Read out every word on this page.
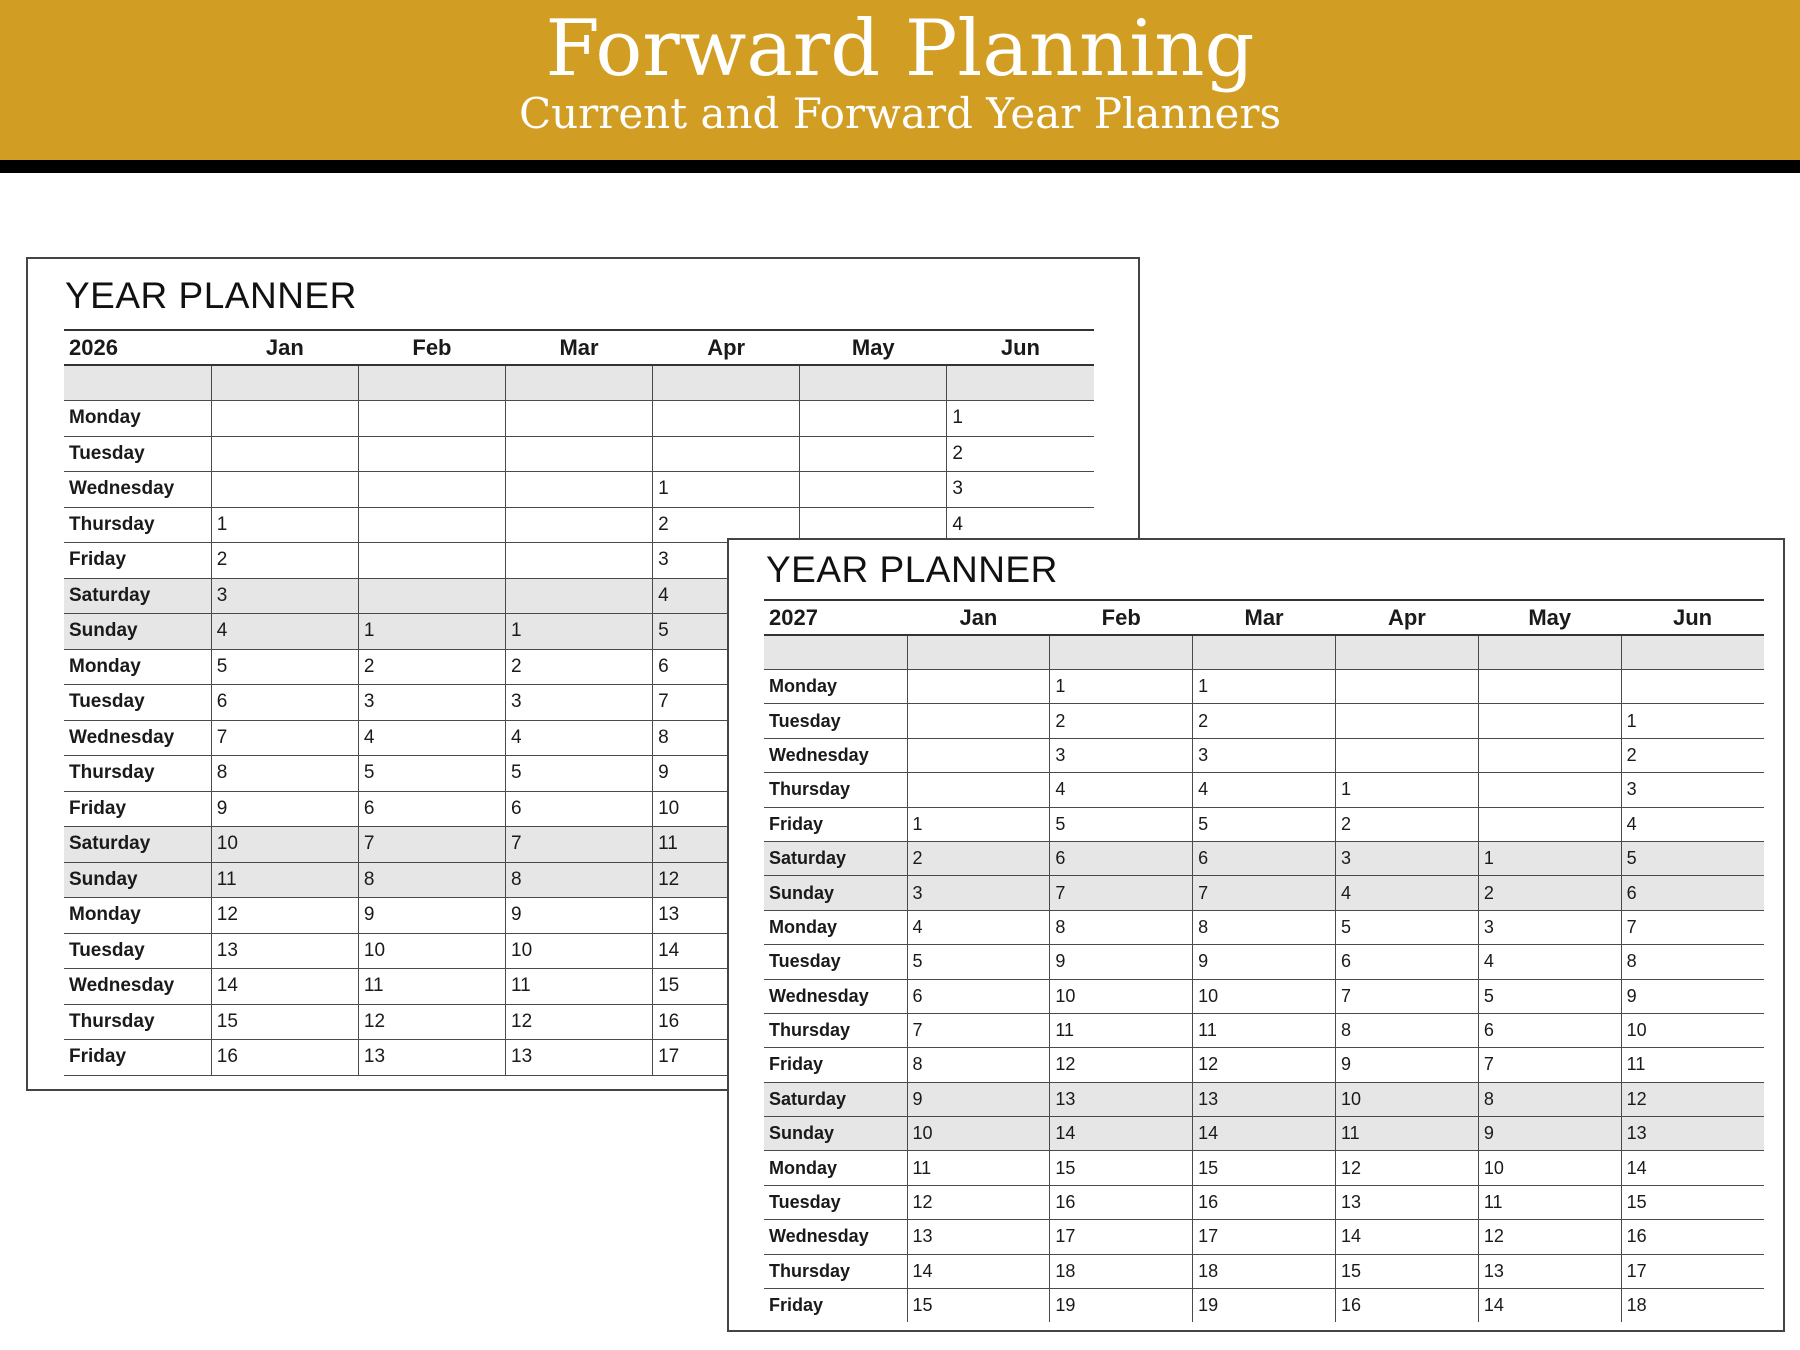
Forward Planning
Current and Forward Year Planners
YEAR PLANNER
2026	Jan	Feb	Mar	Apr	May	Jun

Monday						1
Tuesday						2
Wednesday				1		3
Thursday	1			2		4
Friday	2			3		
Saturday	3			4		
Sunday	4	1	1	5		
Monday	5	2	2	6		
Tuesday	6	3	3	7		
Wednesday	7	4	4	8		
Thursday	8	5	5	9		
Friday	9	6	6	10		
Saturday	10	7	7	11		
Sunday	11	8	8	12		
Monday	12	9	9	13		
Tuesday	13	10	10	14		
Wednesday	14	11	11	15		
Thursday	15	12	12	16		
Friday	16	13	13	17		
YEAR PLANNER
2027	Jan	Feb	Mar	Apr	May	Jun

Monday		1	1			
Tuesday		2	2			1
Wednesday		3	3			2
Thursday		4	4	1		3
Friday	1	5	5	2		4
Saturday	2	6	6	3	1	5
Sunday	3	7	7	4	2	6
Monday	4	8	8	5	3	7
Tuesday	5	9	9	6	4	8
Wednesday	6	10	10	7	5	9
Thursday	7	11	11	8	6	10
Friday	8	12	12	9	7	11
Saturday	9	13	13	10	8	12
Sunday	10	14	14	11	9	13
Monday	11	15	15	12	10	14
Tuesday	12	16	16	13	11	15
Wednesday	13	17	17	14	12	16
Thursday	14	18	18	15	13	17
Friday	15	19	19	16	14	18
